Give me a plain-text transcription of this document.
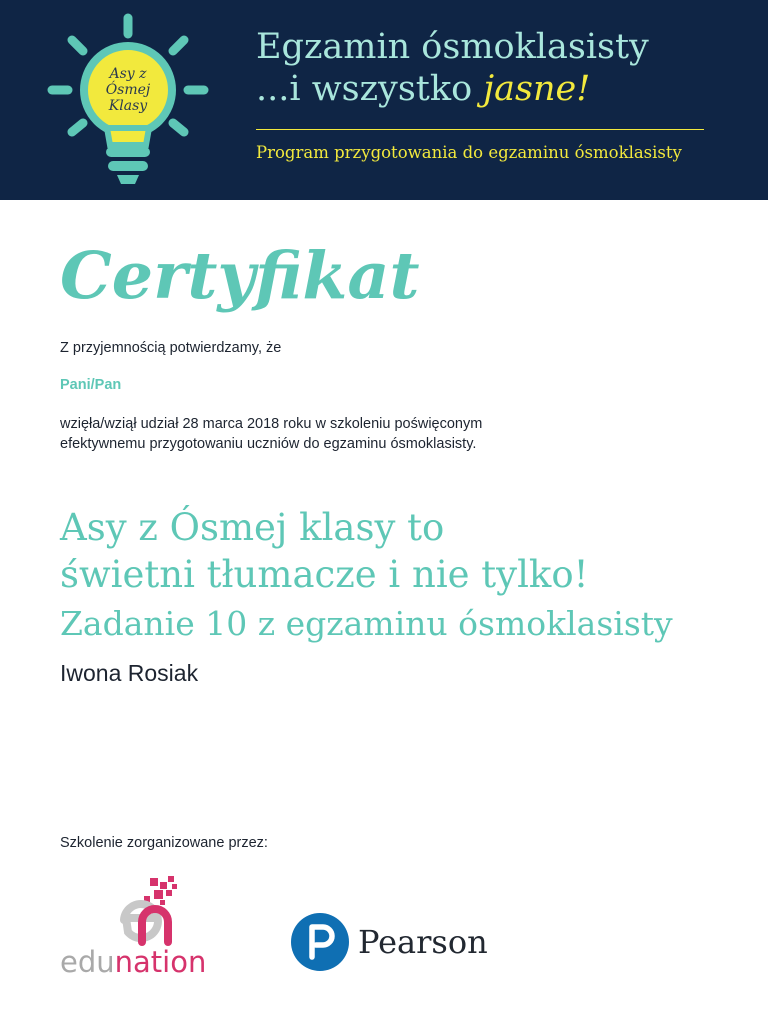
Asy z
Ósmej
Klasy
Egzamin ósmoklasisty
...i wszystko jasne!
Program przygotowania do egzaminu ósmoklasisty
Certyfikat
Z przyjemnością potwierdzamy, że
Pani/Pan
wzięła/wziął udział 28 marca 2018 roku w szkoleniu poświęconym
efektywnemu przygotowaniu uczniów do egzaminu ósmoklasisty.
Asy z Ósmej klasy to
świetni tłumacze i nie tylko!
Zadanie 10 z egzaminu ósmoklasisty
Iwona Rosiak
Szkolenie zorganizowane przez:
edunation
Pearson
